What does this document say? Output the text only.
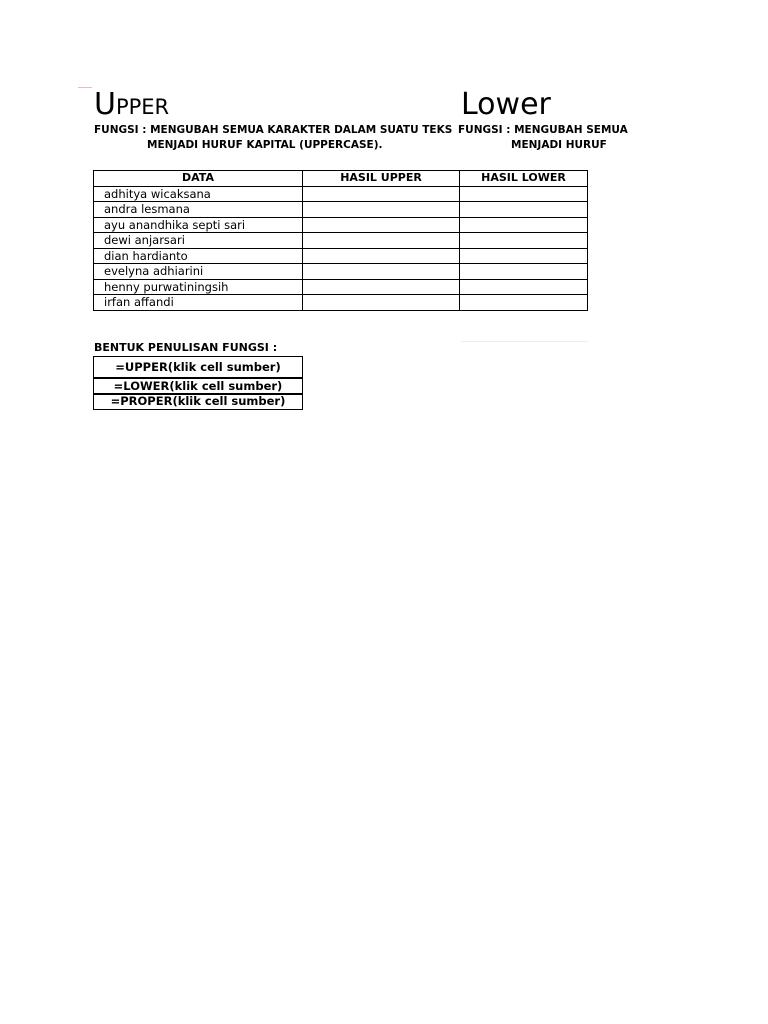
Upper	Lower
FUNGSI : MENGUBAH SEMUA KARAKTER DALAM SUATU TEKS
MENJADI HURUF KAPITAL (UPPERCASE).
FUNGSI : MENGUBAH SEMUA
MENJADI HURUF
DATA	HASIL UPPER	HASIL LOWER
adhitya wicaksana		
andra lesmana		
ayu anandhika septi sari		
dewi anjarsari		
dian hardianto		
evelyna adhiarini		
henny purwatiningsih		
irfan affandi		
BENTUK PENULISAN FUNGSI :
=UPPER(klik cell sumber)
=LOWER(klik cell sumber)
=PROPER(klik cell sumber)
